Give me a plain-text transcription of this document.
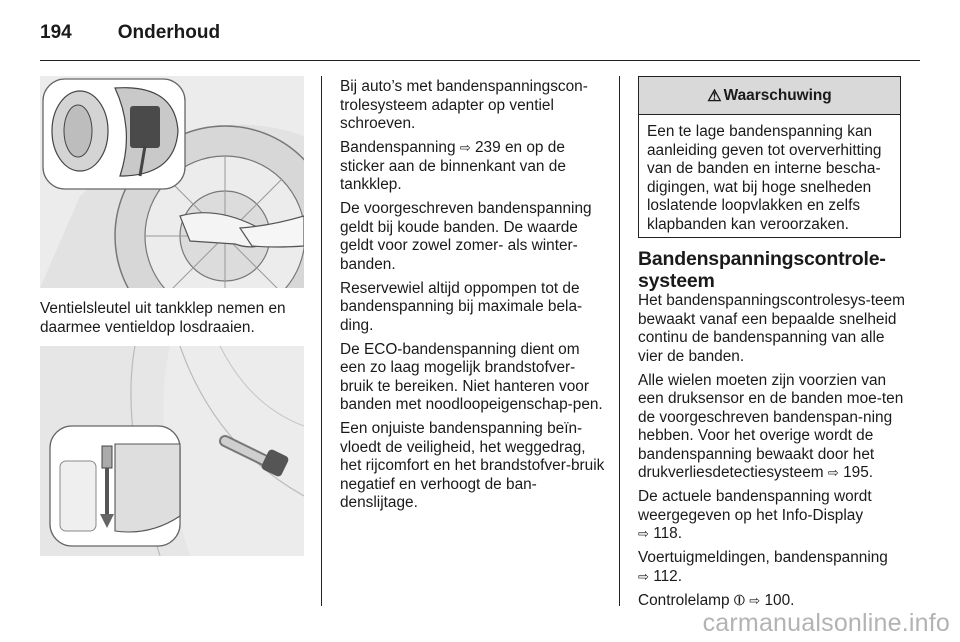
194 Onderhoud
Ventielsleutel uit tankklep nemen en daarmee ventieldop losdraaien.

Bij auto’s met bandenspanningscon-trolesysteem adapter op ventiel schroeven.

Bandenspanning ⇨ 239 en op de sticker aan de binnenkant van de tankklep.

De voorgeschreven bandenspanning geldt bij koude banden. De waarde geldt voor zowel zomer- als winter-banden.

Reservewiel altijd oppompen tot de bandenspanning bij maximale bela-ding.

De ECO-bandenspanning dient om een zo laag mogelijk brandstofver-bruik te bereiken. Niet hanteren voor banden met noodloopeigenschap-pen.

Een onjuiste bandenspanning beïn-vloedt de veiligheid, het weggedrag, het rijcomfort en het brandstofver-bruik negatief en verhoogt de ban-denslijtage.

⚠ Waarschuwing
Een te lage bandenspanning kan aanleiding geven tot oververhitting van de banden en interne bescha-digingen, wat bij hoge snelheden loslatende loopvlakken en zelfs klapbanden kan veroorzaken.
Bandenspanningscontrole-systeem

Het bandenspanningscontrolesys-teem bewaakt vanaf een bepaalde snelheid continu de bandenspanning van alle vier de banden.

Alle wielen moeten zijn voorzien van een druksensor en de banden moe-ten de voorgeschreven bandenspan-ning hebben. Voor het overige wordt de bandenspanning bewaakt door het drukverliesdetectiesysteem ⇨ 195.

De actuele bandenspanning wordt weergegeven op het Info-Display
⇨ 118.

Voertuigmeldingen, bandenspanning
⇨ 112.

Controlelamp ⦶ ⇨ 100.

carmanualsonline.info
